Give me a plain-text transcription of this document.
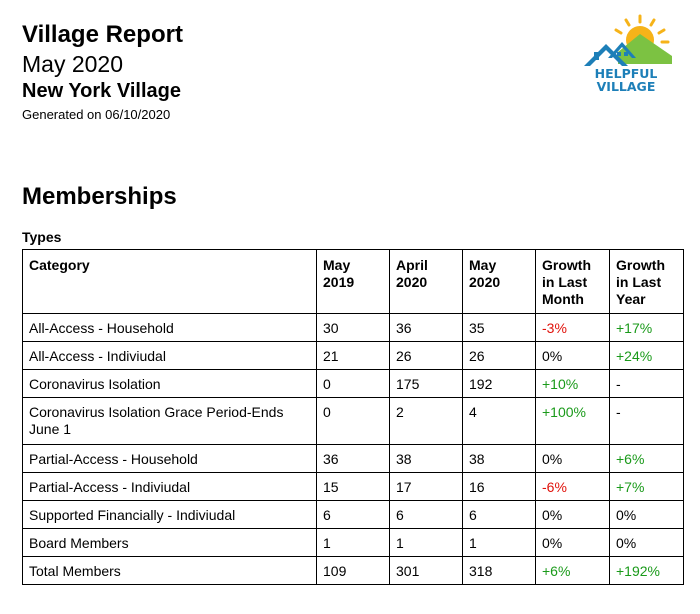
Village Report
May 2020
New York Village
Generated on 06/10/2020
HELPFUL
VILLAGE
Memberships
Types
Category	May 2019	April 2020	May 2020	Growth in Last Month	Growth in Last Year
All-Access - Household	30	36	35	-3%	+17%
All-Access - Indiviudal	21	26	26	0%	+24%
Coronavirus Isolation	0	175	192	+10%	-
Coronavirus Isolation Grace Period-Ends June 1	0	2	4	+100%	-
Partial-Access - Household	36	38	38	0%	+6%
Partial-Access - Indiviudal	15	17	16	-6%	+7%
Supported Financially - Indiviudal	6	6	6	0%	0%
Board Members	1	1	1	0%	0%
Total Members	109	301	318	+6%	+192%
